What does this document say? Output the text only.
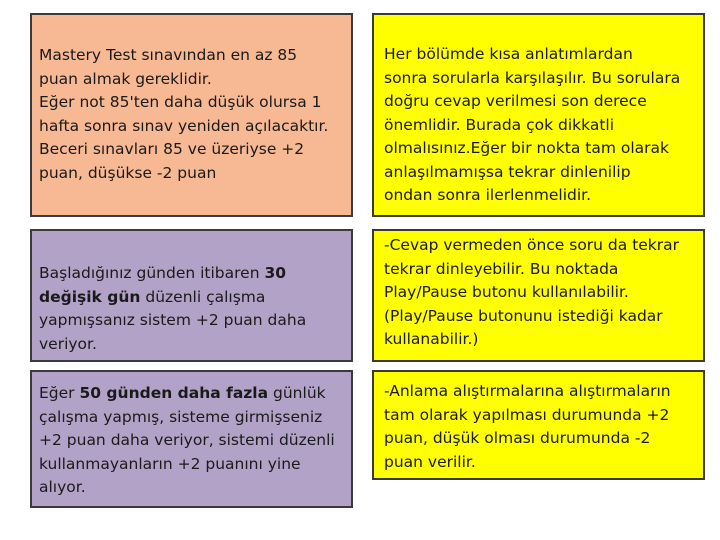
Mastery Test sınavından en az 85
puan almak gereklidir.
Eğer not 85'ten daha düşük olursa 1
hafta sonra sınav yeniden açılacaktır.
Beceri sınavları 85 ve üzeriyse +2
puan, düşükse -2 puan
Her bölümde kısa anlatımlardan
sonra sorularla karşılaşılır. Bu sorulara
doğru cevap verilmesi son derece
önemlidir. Burada çok dikkatli
olmalısınız.Eğer bir nokta tam olarak
anlaşılmamışsa tekrar dinlenilip
ondan sonra ilerlenmelidir.
Başladığınız günden itibaren 30
değişik gün düzenli çalışma
yapmışsanız sistem +2 puan daha
veriyor.
-Cevap vermeden önce soru da tekrar
tekrar dinleyebilir. Bu noktada
Play/Pause butonu kullanılabilir.
(Play/Pause butonunu istediği kadar
kullanabilir.)
Eğer 50 günden daha fazla günlük
çalışma yapmış, sisteme girmişseniz
+2 puan daha veriyor, sistemi düzenli
kullanmayanların +2 puanını yine
alıyor.
-Anlama alıştırmalarına alıştırmaların
tam olarak yapılması durumunda +2
puan, düşük olması durumunda -2
puan verilir.
